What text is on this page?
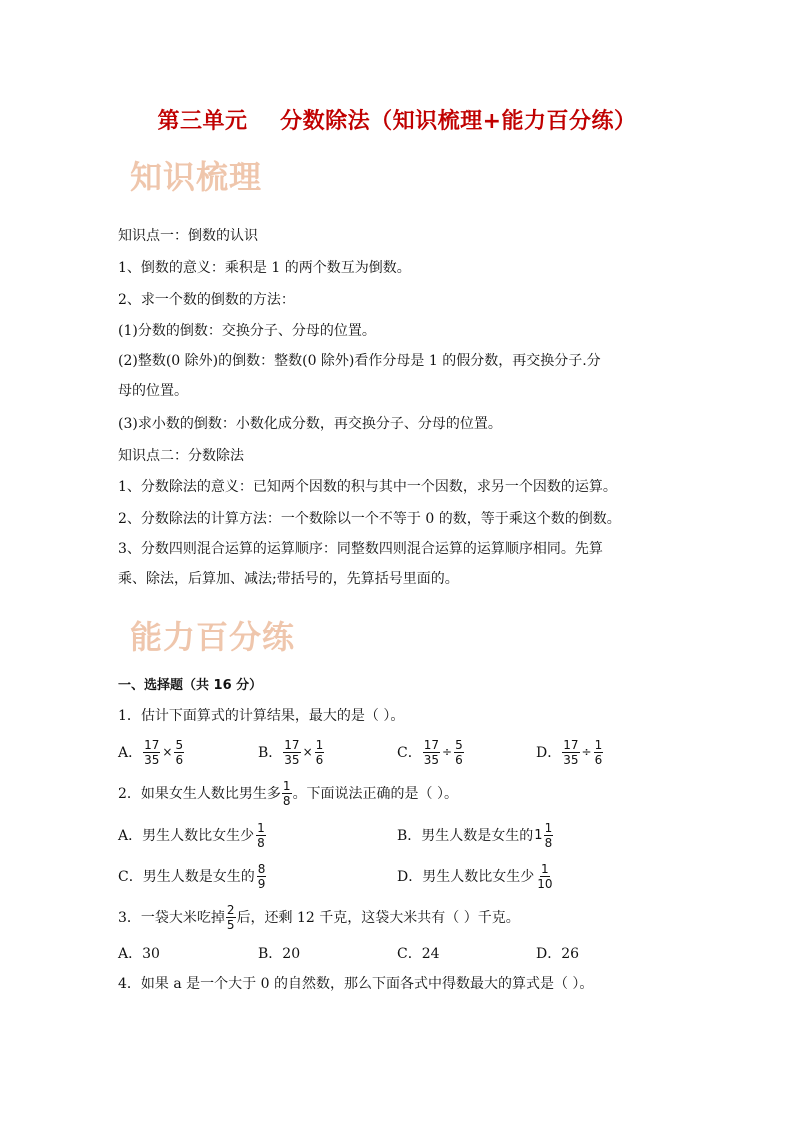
第三单元    分数除法（知识梳理+能力百分练）
知识梳理
知识点一：倒数的认识
1、倒数的意义：乘积是 1 的两个数互为倒数。
2、求一个数的倒数的方法：
(1)分数的倒数：交换分子、分母的位置。
(2)整数(0 除外)的倒数：整数(0 除外)看作分母是 1 的假分数，再交换分子.分
母的位置。
(3)求小数的倒数：小数化成分数，再交换分子、分母的位置。
知识点二：分数除法
1、分数除法的意义：已知两个因数的积与其中一个因数，求另一个因数的运算。
2、分数除法的计算方法：一个数除以一个不等于 0 的数，等于乘这个数的倒数。
3、分数四则混合运算的运算顺序：同整数四则混合运算的运算顺序相同。先算
乘、除法，后算加、减法;带括号的，先算括号里面的。
能力百分练
一、选择题（共 16 分）
1．估计下面算式的计算结果，最大的是（ ）。
A． $\frac{17}{35} \times \frac{5}{6}$	B． $\frac{17}{35} \times \frac{1}{6}$	C． $\frac{17}{35} \div \frac{5}{6}$	D． $\frac{17}{35} \div \frac{1}{6}$
2．如果女生人数比男生多 $\frac{1}{8}$ 。下面说法正确的是（ ）。
A．男生人数比女生少 $\frac{1}{8}$	B．男生人数是女生的 $1 \frac{1}{8}$
C．男生人数是女生的 $\frac{8}{9}$	D．男生人数比女生少 $\frac{1}{10}$
3．一袋大米吃掉 $\frac{2}{5}$ 后，还剩 12 千克，这袋大米共有（ ）千克。
A．30	B．20	C．24	D．26
4．如果 a 是一个大于 0 的自然数，那么下面各式中得数最大的算式是（ ）。
